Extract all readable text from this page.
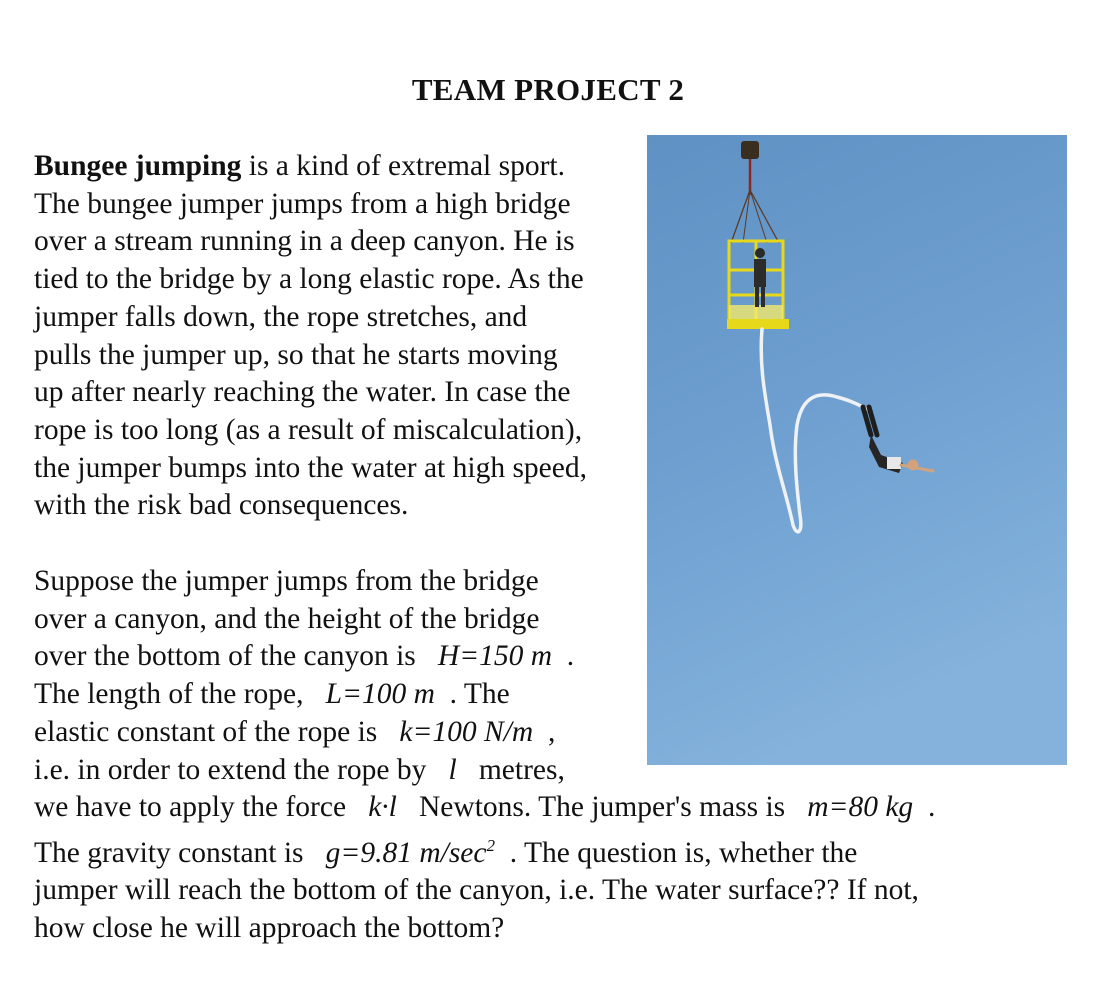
TEAM PROJECT 2
Bungee jumping is a kind of extremal sport.
The bungee jumper jumps from a high bridge
over a stream running in a deep canyon. He is
tied to the bridge by a long elastic rope. As the
jumper falls down, the rope stretches, and
pulls the jumper up, so that he starts moving
up after nearly reaching the water. In case the
rope is too long (as a result of miscalculation),
the jumper bumps into the water at high speed,
with the risk bad consequences.
Suppose the jumper jumps from the bridge
over a canyon, and the height of the bridge
over the bottom of the canyon is H=150 m .
The length of the rope, L=100 m . The
elastic constant of the rope is k=100 N/m ,
i.e. in order to extend the rope by l metres,
we have to apply the force k·l Newtons. The jumper's mass is m=80 kg .
The gravity constant is g=9.81 $m/\sec^2$ . The question is, whether the
jumper will reach the bottom of the canyon, i.e. The water surface?? If not,
how close he will approach the bottom?
